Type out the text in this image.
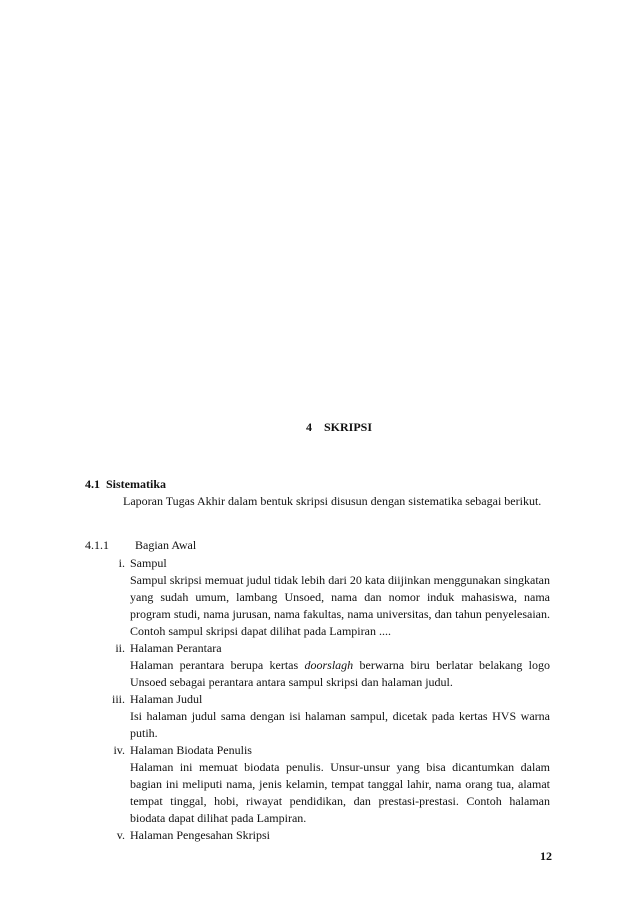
4 SKRIPSI
4.1 Sistematika

Laporan Tugas Akhir dalam bentuk skripsi disusun dengan sistematika sebagai berikut.

4.1.1 Bagian Awal
i. Sampul

Sampul skripsi memuat judul tidak lebih dari 20 kata diijinkan menggunakan singkatan yang sudah umum, lambang Unsoed, nama dan nomor induk mahasiswa, nama program studi, nama jurusan, nama fakultas, nama universitas, dan tahun penyelesaian. Contoh sampul skripsi dapat dilihat pada Lampiran ....

ii. Halaman Perantara

Halaman perantara berupa kertas doorslagh berwarna biru berlatar belakang logo Unsoed sebagai perantara antara sampul skripsi dan halaman judul.

iii. Halaman Judul

Isi halaman judul sama dengan isi halaman sampul, dicetak pada kertas HVS warna putih.

iv. Halaman Biodata Penulis

Halaman ini memuat biodata penulis. Unsur-unsur yang bisa dicantumkan dalam bagian ini meliputi nama, jenis kelamin, tempat tanggal lahir, nama orang tua, alamat tempat tinggal, hobi, riwayat pendidikan, dan prestasi-prestasi. Contoh halaman biodata dapat dilihat pada Lampiran.

v. Halaman Pengesahan Skripsi
12
